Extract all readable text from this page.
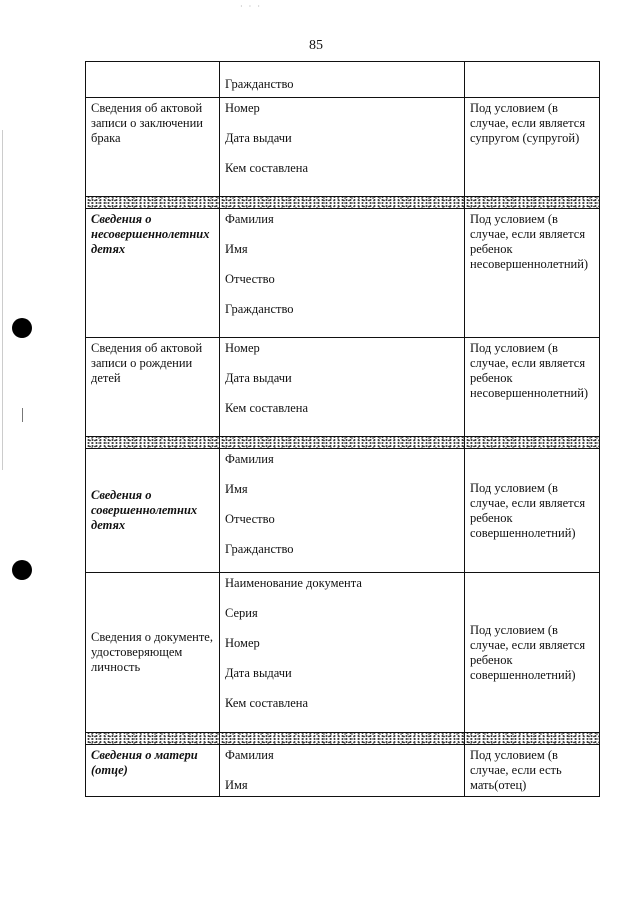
· · ·
85

	Гражданство	

Сведения об актовой записи о заключении брака	Номер
Дата выдачи
Кем составлена	Под условием (в случае, если является супругом (супругой)

Сведения о несовершеннолетних детях	Фамилия
Имя
Отчество
Гражданство	Под условием (в случае, если является ребенок несовершеннолетний)
Сведения об актовой записи о рождении детей	Номер
Дата выдачи
Кем составлена	Под условием (в случае, если является ребенок несовершеннолетний)

Сведения о совершеннолетних детях	Фамилия
Имя
Отчество
Гражданство	Под условием (в случае, если является ребенок совершеннолетний)
Сведения о документе, удостоверяющем личность	Наименование документа
Серия
Номер
Дата выдачи
Кем составлена	Под условием (в случае, если является ребенок совершеннолетний)

Сведения о матери (отце)	Фамилия
Имя	Под условием (в случае, если есть мать(отец)
